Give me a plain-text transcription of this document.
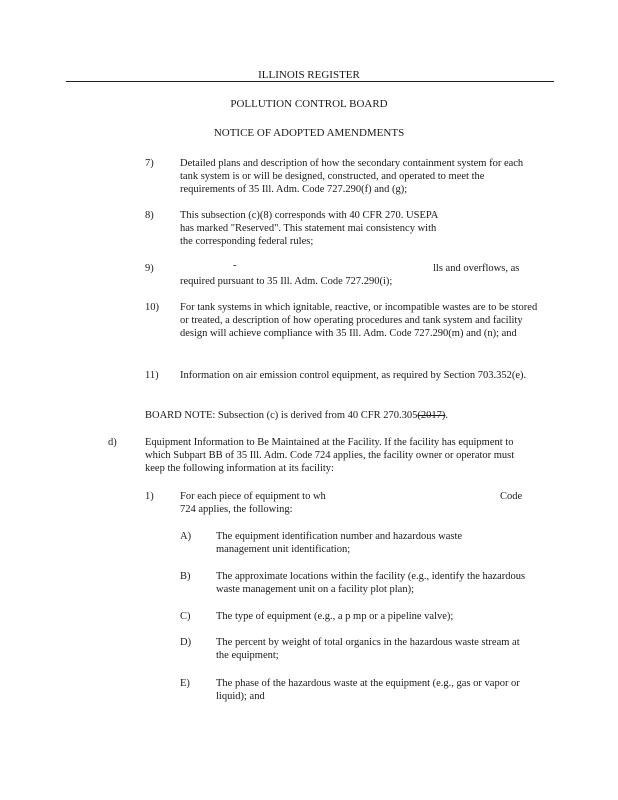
ILLINOIS REGISTER
POLLUTION CONTROL BOARD
NOTICE OF ADOPTED AMENDMENTS
7)	Detailed plans and description of how the secondary containment system for each tank system is or will be designed, constructed, and operated to meet the requirements of 35 Ill. Adm. Code 727.290(f) and (g);
8)	This subsection (c)(8) corresponds with 40 CFR 270. USEPA has marked "Reserved". This statement mai consistency with the corresponding federal rules;
9)	-	lls and overflows, as
required pursuant to 35 Ill. Adm. Code 727.290(i);
10) For tank systems in which ignitable, reactive, or incompatible wastes are to be stored or treated, a description of how operating procedures and tank system and facility design will achieve compliance with 35 Ill. Adm. Code 727.290(m) and (n); and
11) Information on air emission control equipment, as required by Section 703.352(e).
BOARD NOTE: Subsection (c) is derived from 40 CFR 270.305(2017).
d)	Equipment Information to Be Maintained at the Facility. If the facility has equipment to which Subpart BB of 35 Ill. Adm. Code 724 applies, the facility owner or operator must keep the following information at its facility:
1)	For each piece of equipment to wh	Code
724 applies, the following:
A) The equipment identification number and hazardous waste management unit identification;
B) The approximate locations within the facility (e.g., identify the hazardous waste management unit on a facility plot plan);
C) The type of equipment (e.g., a p mp or a pipeline valve);
D) The percent by weight of total organics in the hazardous waste stream at the equipment;
E) The phase of the hazardous waste at the equipment (e.g., gas or vapor or liquid); and
